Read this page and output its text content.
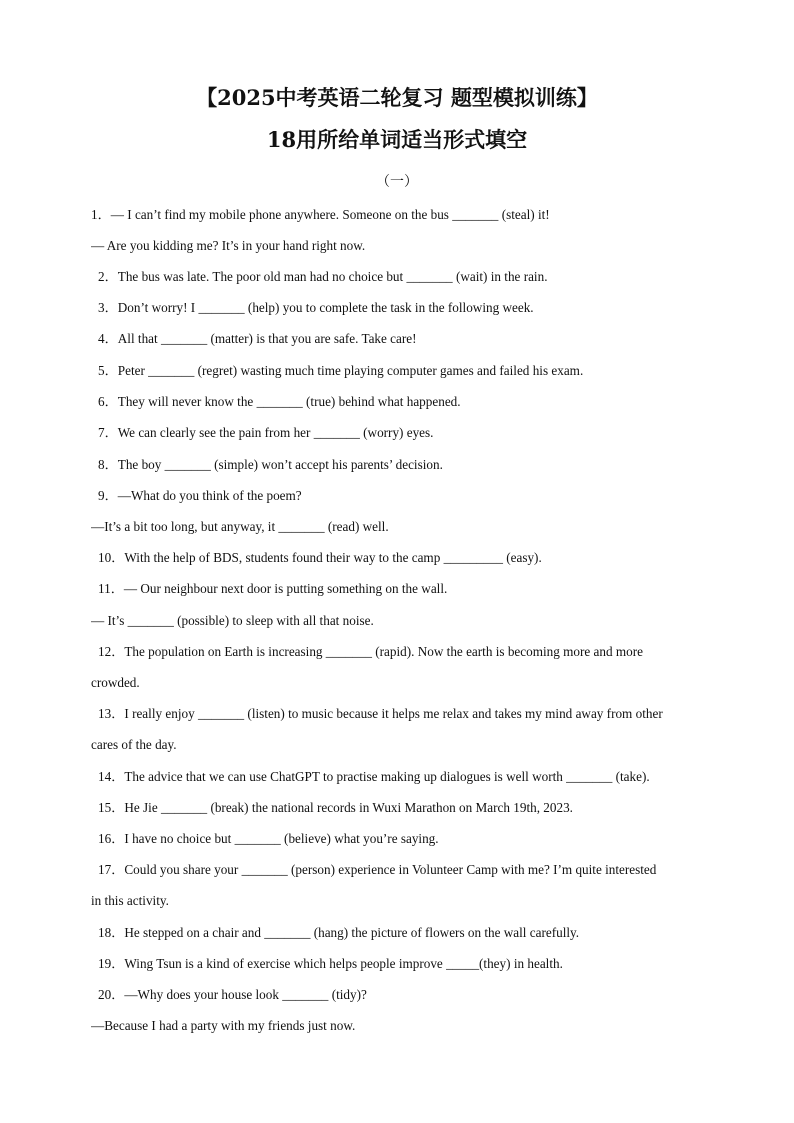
【2025中考英语二轮复习 题型模拟训练】
18用所给单词适当形式填空
（一）
1．— I can’t find my mobile phone anywhere. Someone on the bus _______ (steal) it!
— Are you kidding me? It’s in your hand right now.
2．The bus was late. The poor old man had no choice but _______ (wait) in the rain.
3．Don’t worry! I _______ (help) you to complete the task in the following week.
4．All that _______ (matter) is that you are safe. Take care!
5．Peter _______ (regret) wasting much time playing computer games and failed his exam.
6．They will never know the _______ (true) behind what happened.
7．We can clearly see the pain from her _______ (worry) eyes.
8．The boy _______ (simple) won’t accept his parents’ decision.
9．—What do you think of the poem?
—It’s a bit too long, but anyway, it _______ (read) well.
10．With the help of BDS, students found their way to the camp _________ (easy).
11．— Our neighbour next door is putting something on the wall.
— It’s _______ (possible) to sleep with all that noise.
12．The population on Earth is increasing _______ (rapid). Now the earth is becoming more and more
crowded.
13．I really enjoy _______ (listen) to music because it helps me relax and takes my mind away from other
cares of the day.
14．The advice that we can use ChatGPT to practise making up dialogues is well worth _______ (take).
15．He Jie _______ (break) the national records in Wuxi Marathon on March 19th, 2023.
16．I have no choice but _______ (believe) what you’re saying.
17．Could you share your _______ (person) experience in Volunteer Camp with me? I’m quite interested
in this activity.
18．He stepped on a chair and _______ (hang) the picture of flowers on the wall carefully.
19．Wing Tsun is a kind of exercise which helps people improve _____(they) in health.
20．—Why does your house look _______ (tidy)?
—Because I had a party with my friends just now.
